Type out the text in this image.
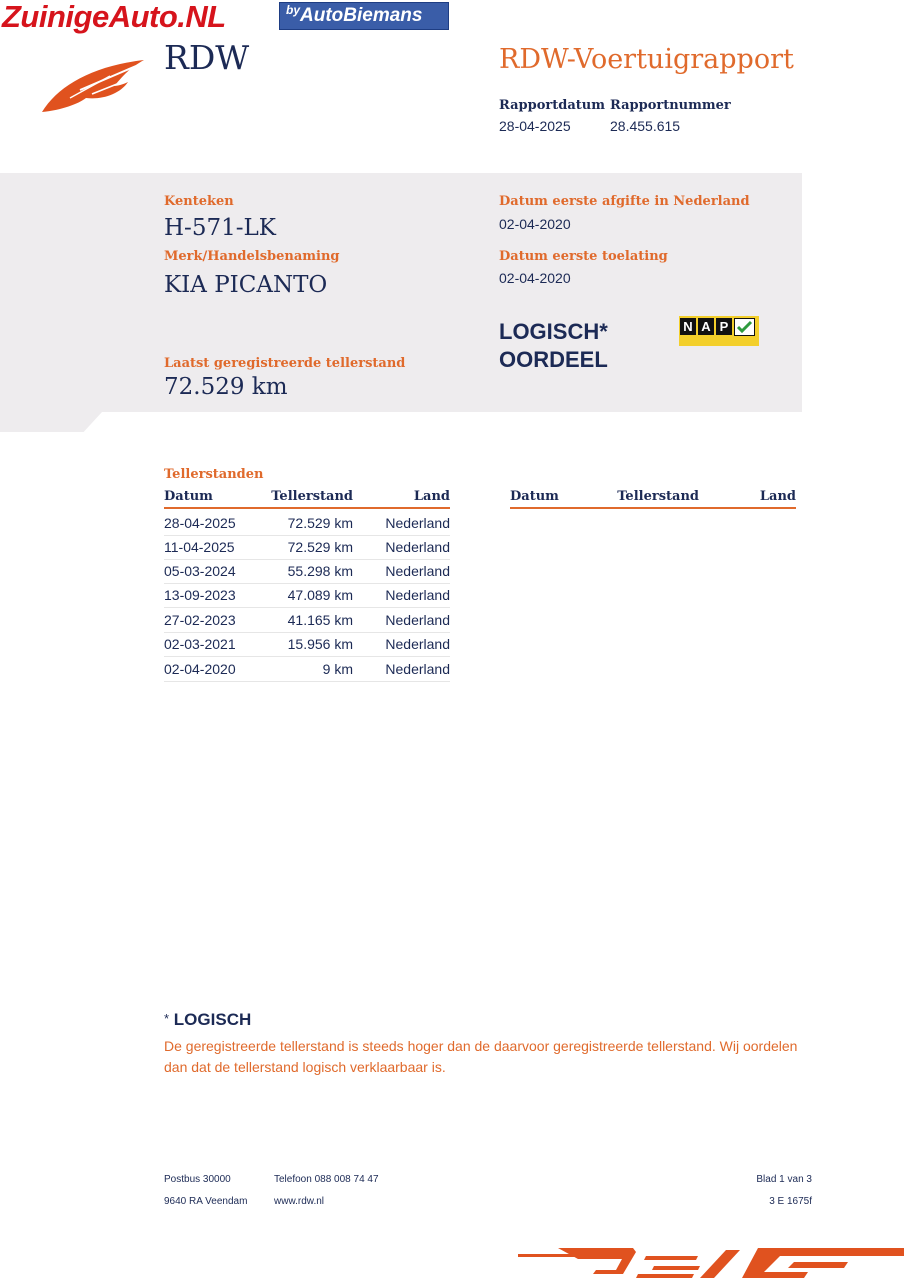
ZuinigeAuto.NL	$^{by}$AutoBiemans
RDW	RDW-Voertuigrapport
Rapportdatum
28-04-2025
Rapportnummer
28.455.615
Kenteken
H-571-LK
Merk/Handelsbenaming
KIA PICANTO
Laatst geregistreerde tellerstand
72.529 km
Datum eerste afgifte in Nederland
02-04-2020
Datum eerste toelating
02-04-2020
LOGISCH*
OORDEEL
N A P
Tellerstanden
Datum	Tellerstand	Land	Datum	Tellerstand	Land
28-04-2025	72.529 km Nederland
11-04-2025	72.529 km Nederland
05-03-2024	55.298 km Nederland
13-09-2023	47.089 km Nederland
27-02-2023	41.165 km Nederland
02-03-2021	15.956 km Nederland
02-04-2020	9 km Nederland
* LOGISCH
De geregistreerde tellerstand is steeds hoger dan de daarvoor geregistreerde tellerstand. Wij oordelen dan dat de tellerstand logisch verklaarbaar is.
Postbus 30000
9640 RA Veendam
Telefoon 088 008 74 47
www.rdw.nl
Blad 1 van 3
3 E 1675f
